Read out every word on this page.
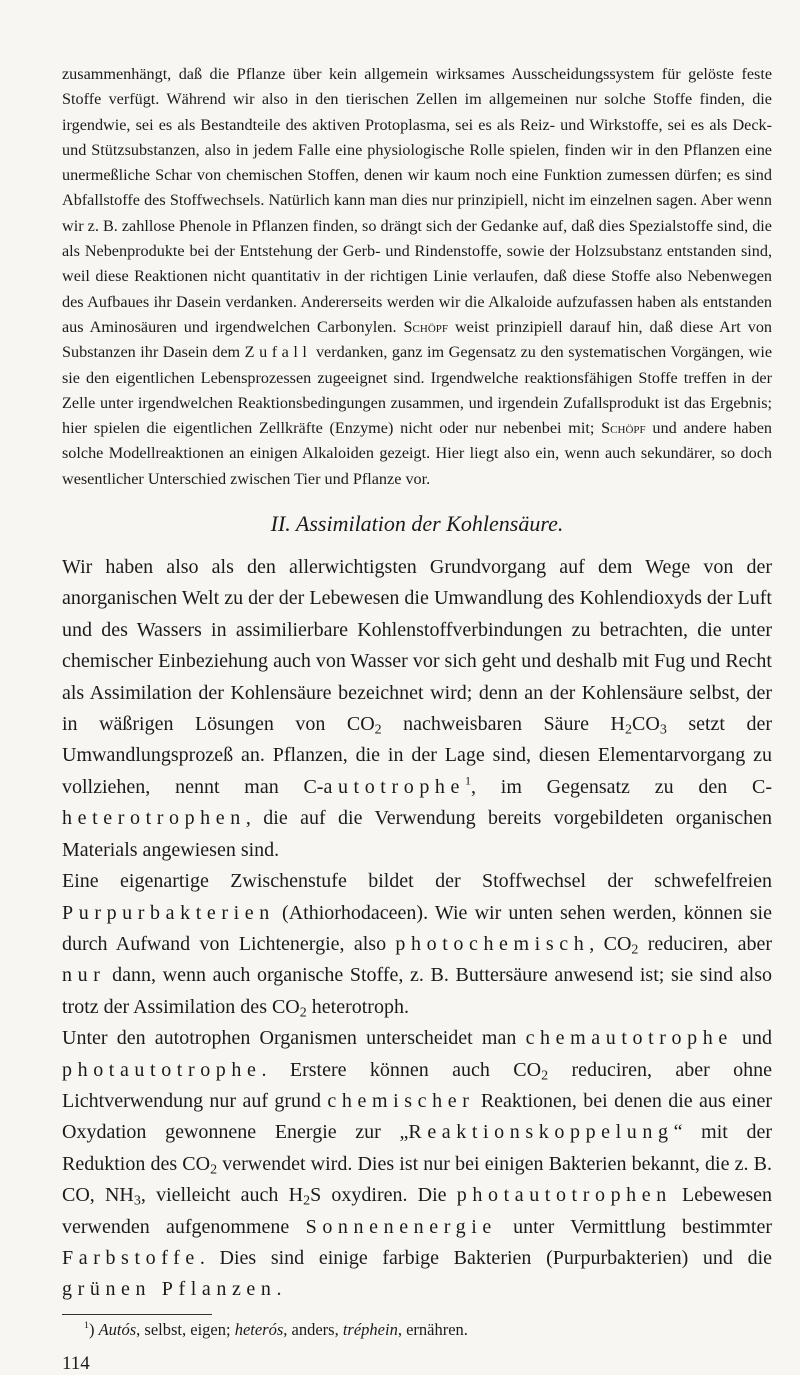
zusammenhängt, daß die Pflanze über kein allgemein wirksames Ausscheidungssystem für gelöste feste Stoffe verfügt. Während wir also in den tierischen Zellen im allgemeinen nur solche Stoffe finden, die irgendwie, sei es als Bestandteile des aktiven Protoplasma, sei es als Reiz- und Wirkstoffe, sei es als Deck- und Stützsubstanzen, also in jedem Falle eine physiologische Rolle spielen, finden wir in den Pflanzen eine unermeßliche Schar von chemischen Stoffen, denen wir kaum noch eine Funktion zumessen dürfen; es sind Abfallstoffe des Stoffwechsels. Natürlich kann man dies nur prinzipiell, nicht im einzelnen sagen. Aber wenn wir z. B. zahllose Phenole in Pflanzen finden, so drängt sich der Gedanke auf, daß dies Spezialstoffe sind, die als Nebenprodukte bei der Entstehung der Gerb- und Rindenstoffe, sowie der Holzsubstanz entstanden sind, weil diese Reaktionen nicht quantitativ in der richtigen Linie verlaufen, daß diese Stoffe also Nebenwegen des Aufbaues ihr Dasein verdanken. Andererseits werden wir die Alkaloide aufzufassen haben als entstanden aus Aminosäuren und irgendwelchen Carbonylen. Schöpf weist prinzipiell darauf hin, daß diese Art von Substanzen ihr Dasein dem Zufall verdanken, ganz im Gegensatz zu den systematischen Vorgängen, wie sie den eigentlichen Lebensprozessen zugeeignet sind. Irgendwelche reaktionsfähigen Stoffe treffen in der Zelle unter irgendwelchen Reaktionsbedingungen zusammen, und irgendein Zufallsprodukt ist das Ergebnis; hier spielen die eigentlichen Zellkräfte (Enzyme) nicht oder nur nebenbei mit; Schöpf und andere haben solche Modellreaktionen an einigen Alkaloiden gezeigt. Hier liegt also ein, wenn auch sekundärer, so doch wesentlicher Unterschied zwischen Tier und Pflanze vor.

II. Assimilation der Kohlensäure.

Wir haben also als den allerwichtigsten Grundvorgang auf dem Wege von der anorganischen Welt zu der der Lebewesen die Umwandlung des Kohlendioxyds der Luft und des Wassers in assimilierbare Kohlenstoffverbindungen zu betrachten, die unter chemischer Einbeziehung auch von Wasser vor sich geht und deshalb mit Fug und Recht als Assimilation der Kohlensäure bezeichnet wird; denn an der Kohlensäure selbst, der in wäßrigen Lösungen von $CO_2$ nachweisbaren Säure $H_2CO_3$ setzt der Umwandlungsprozeß an. Pflanzen, die in der Lage sind, diesen Elementarvorgang zu vollziehen, nennt man C-autotrophe$^1$, im Gegensatz zu den C-heterotrophen, die auf die Verwendung bereits vorgebildeten organischen Materials angewiesen sind.

Eine eigenartige Zwischenstufe bildet der Stoffwechsel der schwefelfreien Purpurbakterien (Athiorhodaceen). Wie wir unten sehen werden, können sie durch Aufwand von Lichtenergie, also photochemisch, $CO_2$ reduciren, aber nur dann, wenn auch organische Stoffe, z. B. Buttersäure anwesend ist; sie sind also trotz der Assimilation des $CO_2$ heterotroph.

Unter den autotrophen Organismen unterscheidet man chemautotrophe und photautotrophe. Erstere können auch $CO_2$ reduciren, aber ohne Lichtverwendung nur auf grund chemischer Reaktionen, bei denen die aus einer Oxydation gewonnene Energie zur „Reaktionskoppelung“ mit der Reduktion des $CO_2$ verwendet wird. Dies ist nur bei einigen Bakterien bekannt, die z. B. CO, $NH_3$, vielleicht auch $H_2S$ oxydiren. Die photautotrophen Lebewesen verwenden aufgenommene Sonnenenergie unter Vermittlung bestimmter Farbstoffe. Dies sind einige farbige Bakterien (Purpurbakterien) und die grünen Pflanzen.

$^1$) Autós, selbst, eigen; heterós, anders, tréphein, ernähren.

114
